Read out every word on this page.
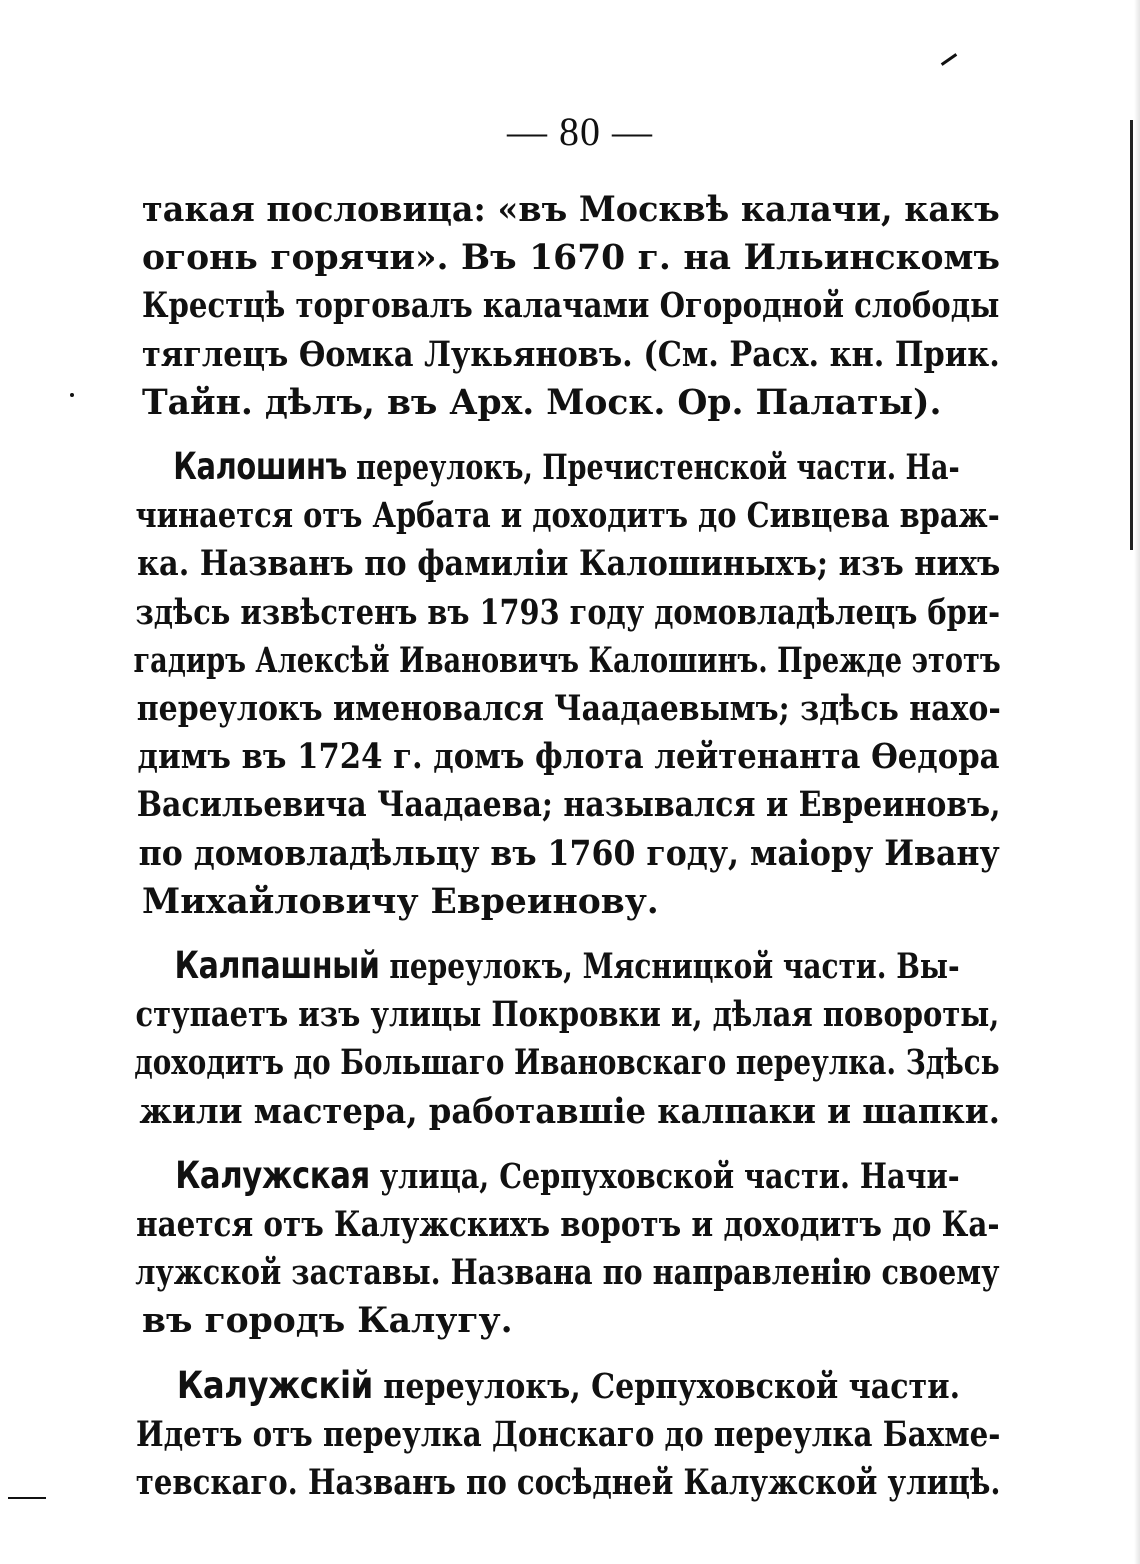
— 80 —

такая пословица: «въ Москвѣ калачи, какъ
огонь горячи». Въ 1670 г. на Ильинскомъ
Крестцѣ торговалъ калачами Огородной слободы
тяглецъ Ѳомка Лукьяновъ. (См. Расх. кн. Прик.
Тайн. дѣлъ, въ Арх. Моск. Ор. Палаты).

Калошинъ переулокъ, Пречистенской части. На-
чинается отъ Арбата и доходитъ до Сивцева враж-
ка. Названъ по фамиліи Калошиныхъ; изъ нихъ
здѣсь извѣстенъ въ 1793 году домовладѣлецъ бри-
гадиръ Алексѣй Ивановичъ Калошинъ. Прежде этотъ
переулокъ именовался Чаадаевымъ; здѣсь нахо-
димъ въ 1724 г. домъ флота лейтенанта Ѳедора
Васильевича Чаадаева; назывался и Евреиновъ,
по домовладѣльцу въ 1760 году, маіору Ивану
Михайловичу Евреинову.

Калпашный переулокъ, Мясницкой части. Вы-
ступаетъ изъ улицы Покровки и, дѣлая повороты,
доходитъ до Большаго Ивановскаго переулка. Здѣсь
жили мастера, работавшіе калпаки и шапки.

Калужская улица, Серпуховской части. Начи-
нается отъ Калужскихъ воротъ и доходитъ до Ка-
лужской заставы. Названа по направленію своему
въ городъ Калугу.

Калужскій переулокъ, Серпуховской части.
Идетъ отъ переулка Донскаго до переулка Бахме-
тевскаго. Названъ по сосѣдней Калужской улицѣ.
